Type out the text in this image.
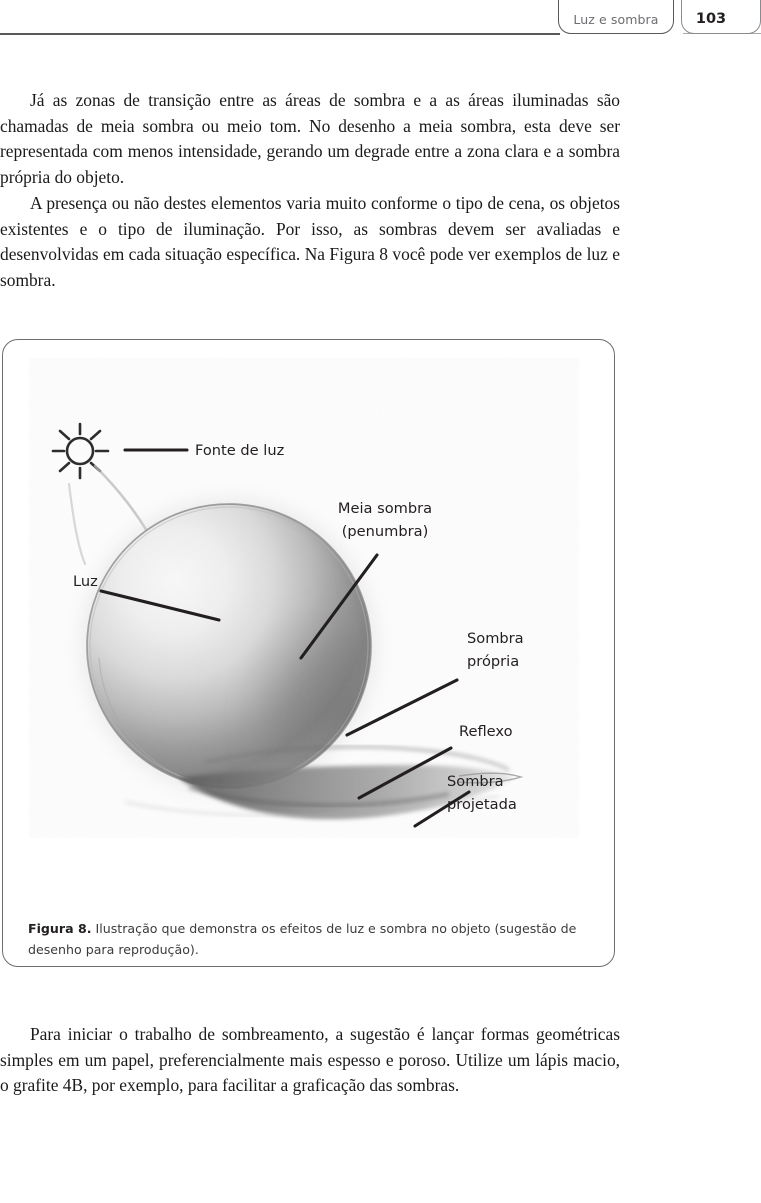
Luz e sombra	103

Já as zonas de transição entre as áreas de sombra e a as áreas iluminadas são chamadas de meia sombra ou meio tom. No desenho a meia sombra, esta deve ser representada com menos intensidade, gerando um degrade entre a zona clara e a sombra própria do objeto.

A presença ou não destes elementos varia muito conforme o tipo de cena, os objetos existentes e o tipo de iluminação. Por isso, as sombras devem ser avaliadas e desenvolvidas em cada situação específica. Na Figura 8 você pode ver exemplos de luz e sombra.

Fonte de luz
Luz
Meia sombra
(penumbra)
Sombra
própria
Reflexo
Sombra
projetada
Figura 8. Ilustração que demonstra os efeitos de luz e sombra no objeto (sugestão de desenho para reprodução).

Para iniciar o trabalho de sombreamento, a sugestão é lançar formas geométricas simples em um papel, preferencialmente mais espesso e poroso. Utilize um lápis macio, o grafite 4B, por exemplo, para facilitar a graficação das sombras.
